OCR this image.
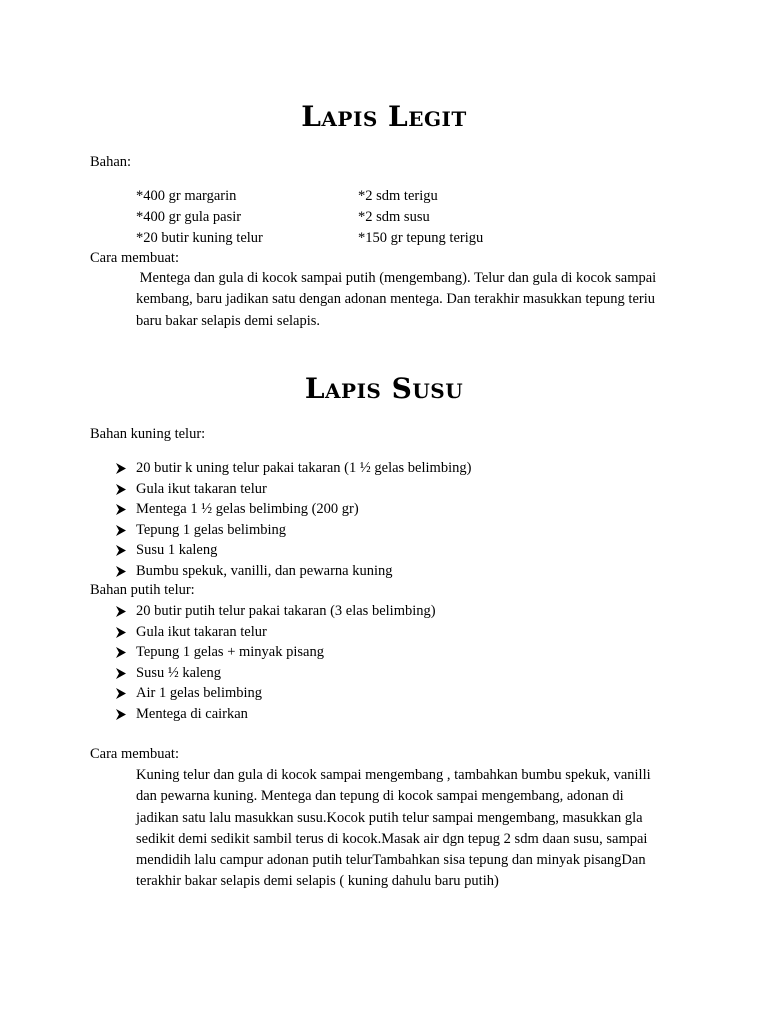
Lapis Legit
Bahan:
*400 gr margarin
*400 gr gula pasir
*20 butir kuning telur
*2 sdm terigu
*2 sdm susu
*150 gr tepung terigu
Cara membuat:
Mentega dan gula di kocok sampai putih (mengembang). Telur dan gula di kocok sampai
kembang, baru jadikan satu dengan adonan mentega. Dan terakhir masukkan tepung teriu
baru bakar selapis demi selapis.
Lapis Susu
Bahan kuning telur:
20 butir k uning telur pakai takaran (1 ½ gelas belimbing)
Gula ikut takaran telur
Mentega 1 ½ gelas belimbing (200 gr)
Tepung 1 gelas belimbing
Susu 1 kaleng
Bumbu spekuk, vanilli, dan pewarna kuning
Bahan putih telur:
20 butir putih telur pakai takaran (3 elas belimbing)
Gula ikut takaran telur
Tepung 1 gelas + minyak pisang
Susu ½ kaleng
Air 1 gelas belimbing
Mentega di cairkan
Cara membuat:
Kuning telur dan gula di kocok sampai mengembang , tambahkan bumbu spekuk, vanilli
dan pewarna kuning. Mentega dan tepung di kocok sampai mengembang, adonan di
jadikan satu lalu masukkan susu.Kocok putih telur sampai mengembang, masukkan gla
sedikit demi sedikit sambil terus di kocok.Masak air dgn tepug 2 sdm daan susu, sampai
mendidih lalu campur adonan putih telurTambahkan sisa tepung dan minyak pisangDan
terakhir bakar selapis demi selapis ( kuning dahulu baru putih)
